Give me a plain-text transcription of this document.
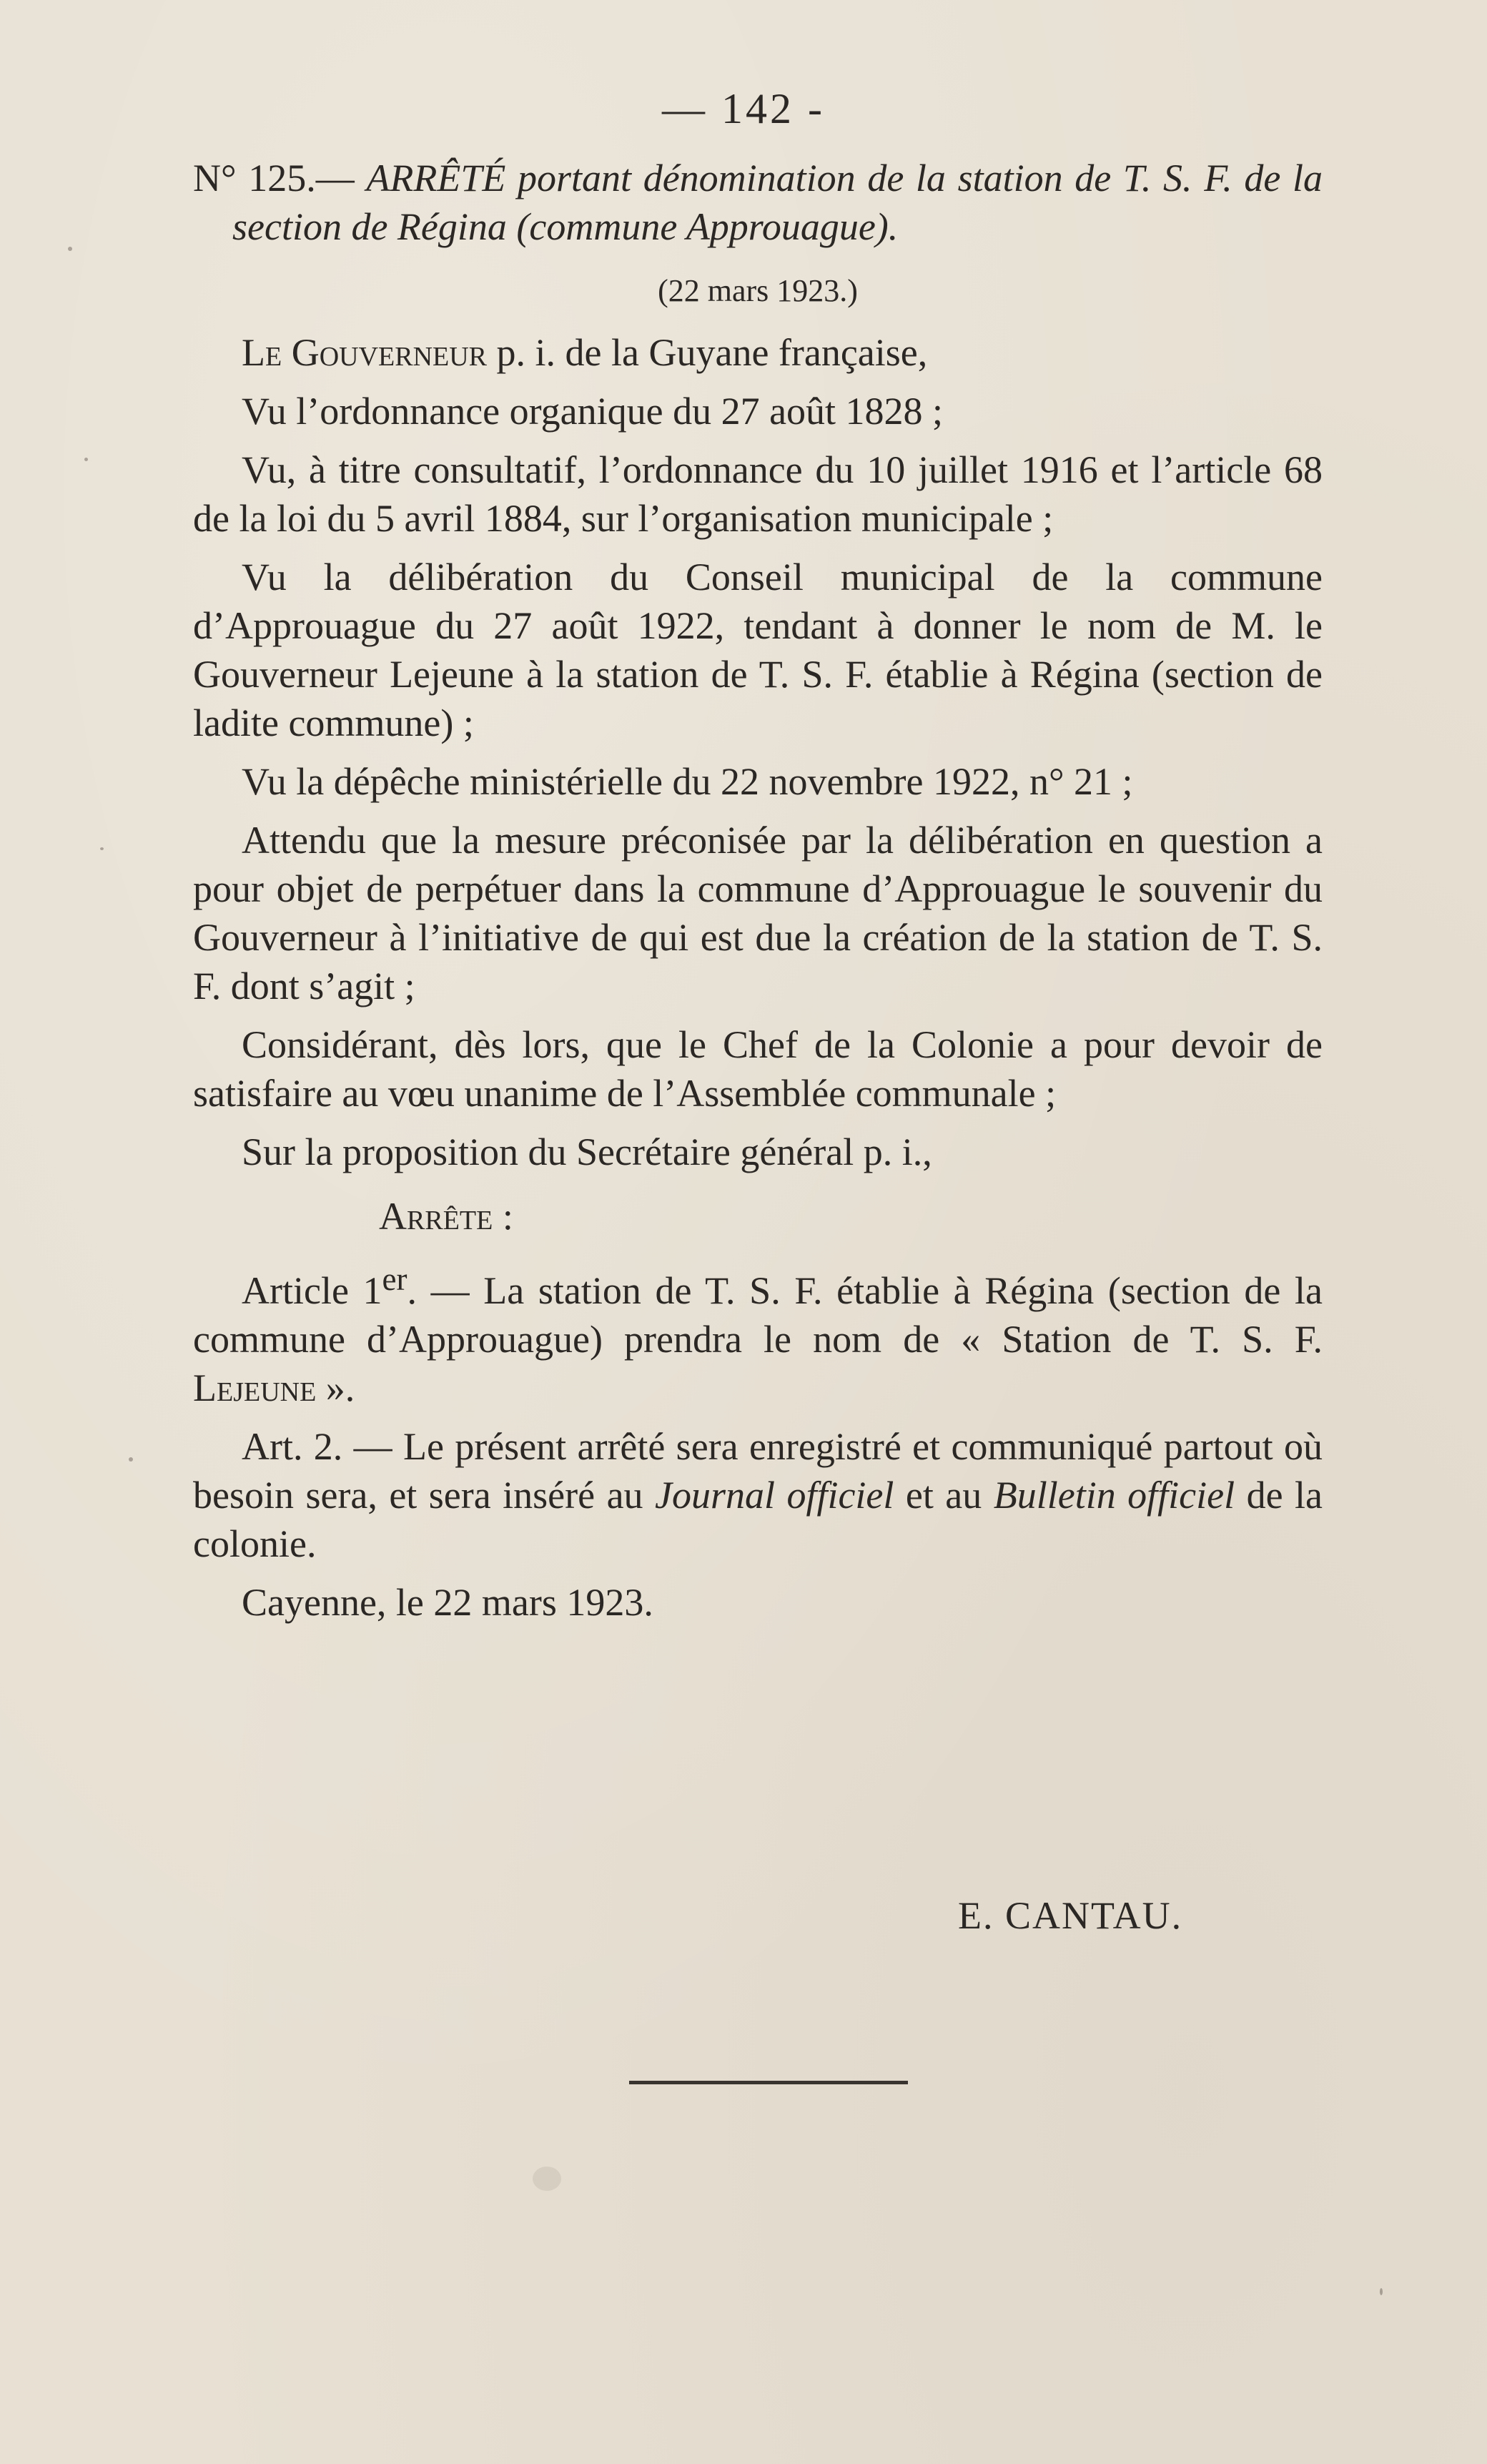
— 142 -

N° 125.— ARRÊTÉ portant dénomination de la station de T. S. F. de la section de Régina (commune Approuague).

(22 mars 1923.)

Le Gouverneur p. i. de la Guyane française,

Vu l’ordonnance organique du 27 août 1828 ;

Vu, à titre consultatif, l’ordonnance du 10 juillet 1916 et l’article 68 de la loi du 5 avril 1884, sur l’organisation municipale ;

Vu la délibération du Conseil municipal de la commune d’Approuague du 27 août 1922, tendant à donner le nom de M. le Gouverneur Lejeune à la station de T. S. F. établie à Régina (section de ladite commune) ;

Vu la dépêche ministérielle du 22 novembre 1922, n° 21 ;

Attendu que la mesure préconisée par la délibération en question a pour objet de perpétuer dans la commune d’Approuague le souvenir du Gouverneur à l’initiative de qui est due la création de la station de T. S. F. dont s’agit ;

Considérant, dès lors, que le Chef de la Colonie a pour devoir de satisfaire au vœu unanime de l’Assemblée communale ;

Sur la proposition du Secrétaire général p. i.,

Arrête :

Article 1er. — La station de T. S. F. établie à Régina (section de la commune d’Approuague) prendra le nom de « Station de T. S. F. Lejeune ».

Art. 2. — Le présent arrêté sera enregistré et communiqué partout où besoin sera, et sera inséré au Journal officiel et au Bulletin officiel de la colonie.

Cayenne, le 22 mars 1923.

E. CANTAU.
